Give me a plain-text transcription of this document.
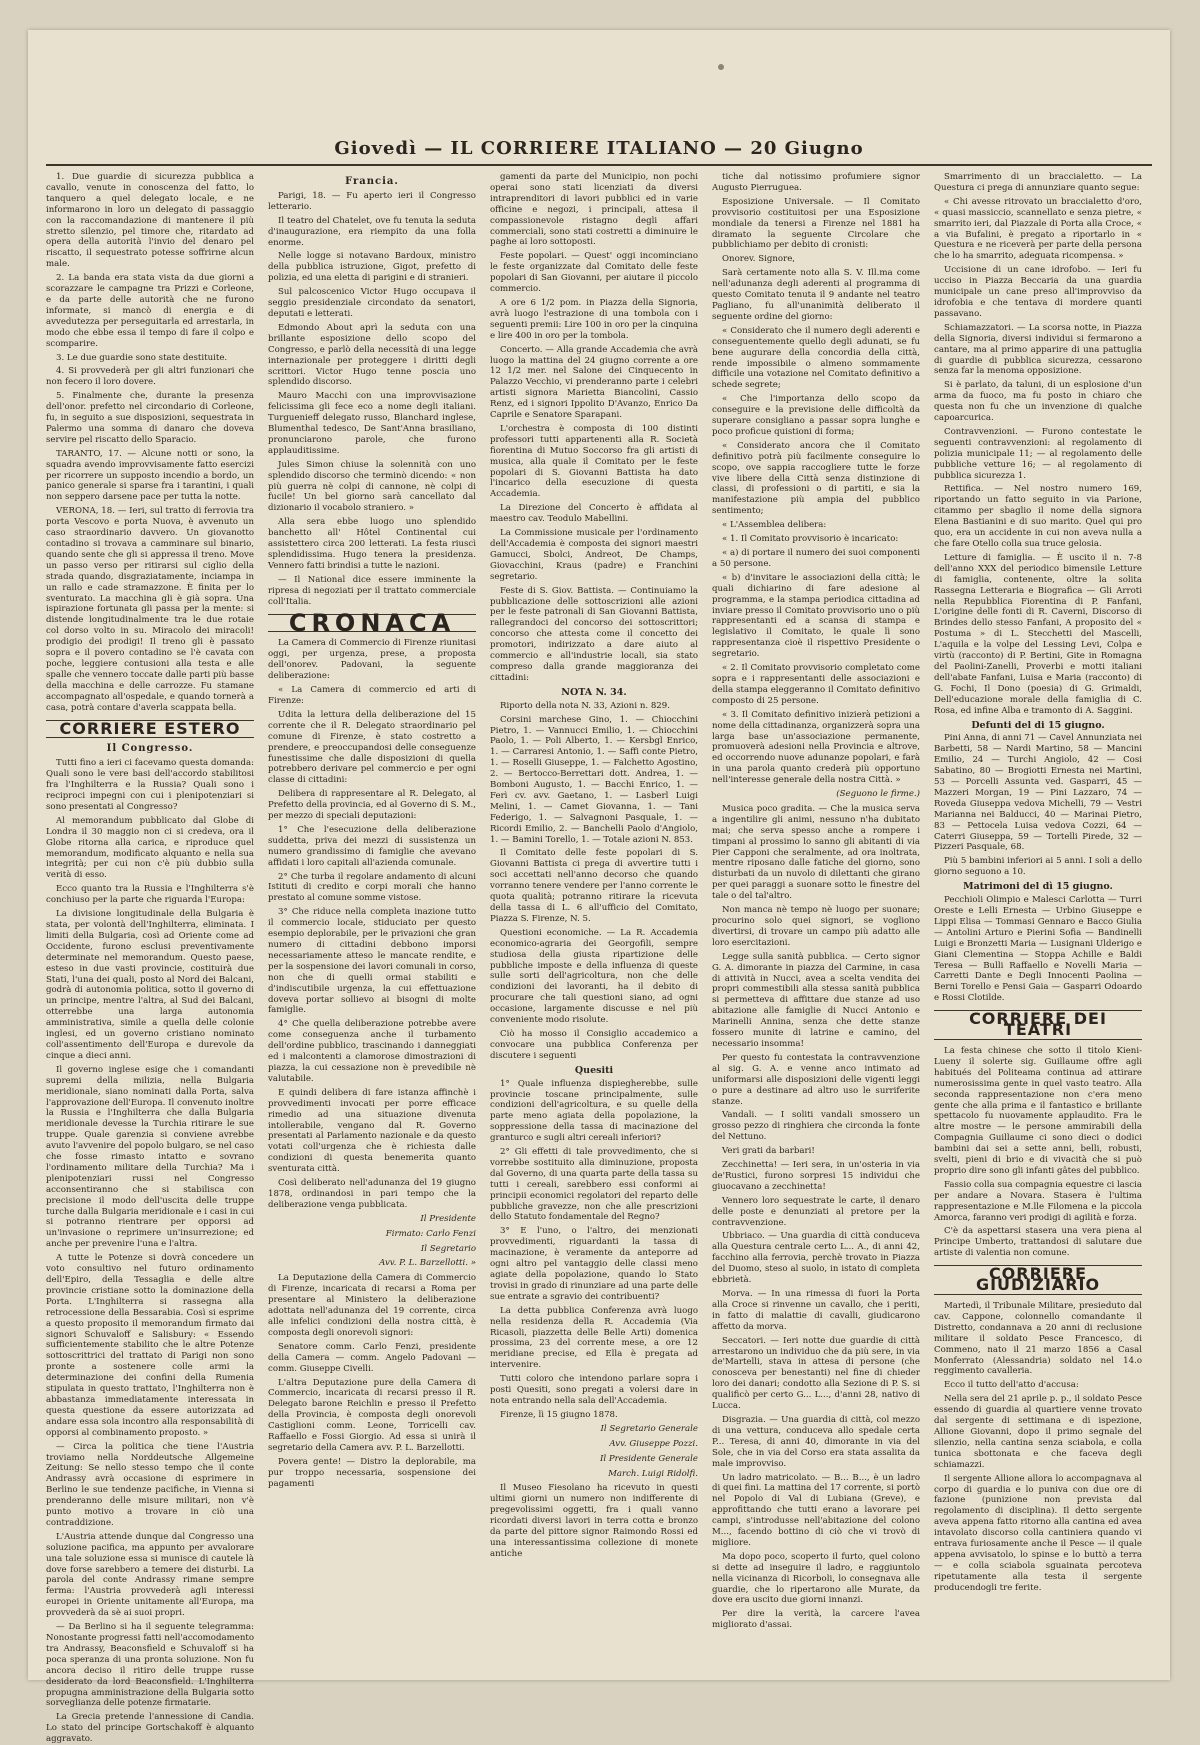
Giovedì — IL CORRIERE ITALIANO — 20 Giugno

1. Due guardie di sicurezza pubblica a cavallo, venute in conoscenza del fatto, lo tanquero a quel delegato locale, e ne informarono in loro un delegato di passaggio con la raccomandazione di mantenere il più stretto silenzio, pel timore che, ritardato ad opera della autorità l'invio del denaro pel riscatto, il sequestrato potesse soffrirne alcun male.

2. La banda era stata vista da due giorni a scorazzare le campagne tra Prizzi e Corleone, e da parte delle autorità che ne furono informate, si mancò di energia e di avvedutezza per perseguitarla ed arrestarla, in modo che ebbe essa il tempo di fare il colpo e scomparire.

3. Le due guardie sono state destituite.

4. Si provvederà per gli altri funzionari che non fecero il loro dovere.

5. Finalmente che, durante la presenza dell'onor. prefetto nel circondario di Corleone, fu, in seguito a sue disposizioni, sequestrata in Palermo una somma di danaro che doveva servire pel riscatto dello Sparacio.

TARANTO, 17. — Alcune notti or sono, la squadra avendo improvvisamente fatto esercizi per ricorrere un supposto incendio a bordo, un panico generale si sparse fra i tarantini, i quali non seppero darsene pace per tutta la notte.

VERONA, 18. — Ieri, sul tratto di ferrovia tra porta Vescovo e porta Nuova, è avvenuto un caso straordinario davvero. Un giovanotto contadino si trovava a camminare sul binario, quando sente che gli si appressa il treno. Move un passo verso per ritirarsi sul ciglio della strada quando, disgraziatamente, inciampa in un rallo e cade stramazzone. È finita per lo sventurato. La macchina gli è già sopra. Una ispirazione fortunata gli passa per la mente: si distende longitudinalmente tra le due rotaie col dorso volto in su. Miracolo dei miracoli! prodigio dei prodigi! Il treno gli è passato sopra e il povero contadino se l'è cavata con poche, leggiere contusioni alla testa e alle spalle che vennero toccate dalle parti più basse della macchina e delle carrozze. Fu stamane accompagnato all'ospedale, e quando tornerà a casa, potrà contare d'averla scappata bella.

CORRIERE ESTERO
Il Congresso.

Tutti fino a ieri ci facevamo questa domanda: Quali sono le vere basi dell'accordo stabilitosi fra l'Inghilterra e la Russia? Quali sono i reciproci impegni con cui i plenipotenziari si sono presentati al Congresso?

Al memorandum pubblicato dal Globe di Londra il 30 maggio non ci si credeva, ora il Globe ritorna alla carica, e riproduce quel memorandum, modificato alquanto e nella sua integrità; per cui non c'è più dubbio sulla verità di esso.

Ecco quanto tra la Russia e l'Inghilterra s'è conchiuso per la parte che riguarda l'Europa:

La divisione longitudinale della Bulgaria è stata, per volontà dell'Inghilterra, eliminata. I limiti della Bulgaria, così ad Oriente come ad Occidente, furono esclusi preventivamente determinate nel memorandum. Questo paese, esteso in due vasti provincie, costituirà due Stati, l'una dei quali, posto al Nord dei Balcani, godrà di autonomia politica, sotto il governo di un principe, mentre l'altra, al Sud dei Balcani, otterrebbe una larga autonomia amministrativa, simile a quella delle colonie inglesi, ed un governo cristiano nominato coll'assentimento dell'Europa e durevole da cinque a dieci anni.

Il governo inglese esige che i comandanti supremi della milizia, nella Bulgaria meridionale, siano nominati dalla Porta, salva l'approvazione dell'Europa. Il convenuto inoltre la Russia e l'Inghilterra che dalla Bulgaria meridionale devesse la Turchia ritirare le sue truppe. Quale garenzia si conviene avrebbe avuto l'avvenire del popolo bulgaro, se nel caso che fosse rimasto intatto e sovrano l'ordinamento militare della Turchia? Ma i plenipotenziari russi nel Congresso acconsentiranno che si stabilisca con precisione il modo dell'uscita delle truppe turche dalla Bulgaria meridionale e i casi in cui si potranno rientrare per opporsi ad un'invasione o reprimere un'insurrezione; ed anche per prevenire l'una e l'altra.

A tutte le Potenze si dovrà concedere un voto consultivo nel futuro ordinamento dell'Epiro, della Tessaglia e delle altre provincie cristiane sotto la dominazione della Porta. L'Inghilterra si rassegna alla retrocessione della Bessarabia. Così si esprime a questo proposito il memorandum firmato dai signori Schuvaloff e Salisbury: « Essendo sufficientemente stabilito che le altre Potenze sottoscrittrici del trattato di Parigi non sono pronte a sostenere colle armi la determinazione dei confini della Rumenia stipulata in questo trattato, l'Inghilterra non è abbastanza immediatamente interessata in questa questione da essere autorizzata ad andare essa sola incontro alla responsabilità di opporsi al combinamento proposto. »

— Circa la politica che tiene l'Austria troviamo nella Norddeutsche Allgemeine Zeitung: Se nello stesso tempo che il conte Andrassy avrà occasione di esprimere in Berlino le sue tendenze pacifiche, in Vienna si prenderanno delle misure militari, non v'è punto motivo a trovare in ciò una contraddizione.

L'Austria attende dunque dal Congresso una soluzione pacifica, ma appunto per avvalorare una tale soluzione essa si munisce di cautele là dove forse sarebbero a temere dei disturbi. La parola del conte Andrassy rimane sempre ferma: l'Austria provvederà agli interessi europei in Oriente unitamente all'Europa, ma provvederà da sè ai suoi propri.

— Da Berlino si ha il seguente telegramma: Nonostante progressi fatti nell'accomodamento tra Andrassy, Beaconsfield e Schuvaloff si ha poca speranza di una pronta soluzione. Non fu ancora deciso il ritiro delle truppe russe desiderato da lord Beaconsfield. L'Inghilterra propugna amministrazione della Bulgaria sotto sorveglianza delle potenze firmatarie.

La Grecia pretende l'annessione di Candia. Lo stato del principe Gortschakoff è alquanto aggravato.

Francia.

Parigi, 18. — Fu aperto ieri il Congresso letterario.

Il teatro del Chatelet, ove fu tenuta la seduta d'inaugurazione, era riempito da una folla enorme.

Nelle logge si notavano Bardoux, ministro della pubblica istruzione, Gigot, prefetto di polizia, ed una eletta di parigini e di stranieri.

Sul palcoscenico Victor Hugo occupava il seggio presidenziale circondato da senatori, deputati e letterati.

Edmondo About aprì la seduta con una brillante esposizione dello scopo del Congresso, e parlò della necessità di una legge internazionale per proteggere i diritti degli scrittori. Victor Hugo tenne poscia uno splendido discorso.

Mauro Macchi con una improvvisazione felicissima gli fece eco a nome degli italiani. Turguenieff delegato russo, Blanchard inglese, Blumenthal tedesco, De Sant'Anna brasiliano, pronunciarono parole, che furono applauditissime.

Jules Simon chiuse la solennità con uno splendido discorso che terminò dicendo: « non più guerra nè colpi di cannone, nè colpi di fucile! Un bel giorno sarà cancellato dal dizionario il vocabolo straniero. »

Alla sera ebbe luogo uno splendido banchetto all' Hôtel Continental cui assistettero circa 200 letterati. La festa riuscì splendidissima. Hugo tenera la presidenza. Vennero fatti brindisi a tutte le nazioni.

— Il National dice essere imminente la ripresa di negoziati per il trattato commerciale coll'Italia.

CRONACA

La Camera di Commercio di Firenze riunitasi oggi, per urgenza, prese, a proposta dell'onorev. Padovani, la seguente deliberazione:

« La Camera di commercio ed arti di Firenze:

Udita la lettura della deliberazione del 15 corrente che il R. Delegato straordinario pel comune di Firenze, è stato costretto a prendere, e preoccupandosi delle conseguenze funestissime che dalle disposizioni di quella potrebbero derivare pel commercio e per ogni classe di cittadini:

Delibera di rappresentare al R. Delegato, al Prefetto della provincia, ed al Governo di S. M., per mezzo di speciali deputazioni:

1° Che l'esecuzione della deliberazione suddetta, priva dei mezzi di sussistenza un numero grandissimo di famiglie che avevano affidati i loro capitali all'azienda comunale.

2° Che turba il regolare andamento di alcuni Istituti di credito e corpi morali che hanno prestato al comune somme vistose.

3° Che riduce nella completa inazione tutto il commercio locale, stiduciato per questo esempio deplorabile, per le privazioni che gran numero di cittadini debbono imporsi necessariamente atteso le mancate rendite, e per la sospensione dei lavori comunali in corso, non che di quelli ormai stabiliti e d'indiscutibile urgenza, la cui effettuazione doveva portar sollievo ai bisogni di molte famiglie.

4° Che quella deliberazione potrebbe avere come conseguenza anche il turbamento dell'ordine pubblico, trascinando i danneggiati ed i malcontenti a clamorose dimostrazioni di piazza, la cui cessazione non è prevedibile nè valutabile.

E quindi delibera di fare istanza affinchè i provvedimenti invocati per porre efficace rimedio ad una situazione divenuta intollerabile, vengano dal R. Governo presentati al Parlamento nazionale e da questo votati coll'urgenza che è richiesta dalle condizioni di questa benemerita quanto sventurata città.

Così deliberato nell'adunanza del 19 giugno 1878, ordinandosi in pari tempo che la deliberazione venga pubblicata.

Il Presidente
Firmato: Carlo Fenzi
Il Segretario
Avv. P. L. Barzellotti. »

La Deputazione della Camera di Commercio di Firenze, incaricata di recarsi a Roma per presentare al Ministero la deliberazione adottata nell'adunanza del 19 corrente, circa alle infelici condizioni della nostra città, è composta degli onorevoli signori:

Senatore comm. Carlo Fenzi, presidente della Camera — comm. Angelo Padovani — comm. Giuseppe Civelli.

L'altra Deputazione pure della Camera di Commercio, incaricata di recarsi presso il R. Delegato barone Reichlin e presso il Prefetto della Provincia, è composta degli onorevoli Castiglioni comm. Leone, Torricelli cav. Raffaello e Fossi Giorgio. Ad essa si unirà il segretario della Camera avv. P. L. Barzellotti.

Povera gente! — Distro la deplorabile, ma pur troppo necessaria, sospensione dei pagamenti

gamenti da parte del Municipio, non pochi operai sono stati licenziati da diversi intraprenditori di lavori pubblici ed in varie officine e negozi, i principali, attesa il compassionevole ristagno degli affari commerciali, sono stati costretti a diminuire le paghe ai loro sottoposti.

Feste popolari. — Quest' oggi incominciano le feste organizzate dal Comitato delle feste popolari di San Giovanni, per aiutare il piccolo commercio.

A ore 6 1/2 pom. in Piazza della Signoria, avrà luogo l'estrazione di una tombola con i seguenti premii: Lire 100 in oro per la cinquina e lire 400 in oro per la tombola.

Concerto. — Alla grande Accademia che avrà luogo la mattina del 24 giugno corrente a ore 12 1/2 mer. nel Salone dei Cinquecento in Palazzo Vecchio, vi prenderanno parte i celebri artisti signora Marietta Biancolini, Cassio Renz, ed i signori Ippolito D'Avanzo, Enrico Da Caprile e Senatore Sparapani.

L'orchestra è composta di 100 distinti professori tutti appartenenti alla R. Società fiorentina di Mutuo Soccorso fra gli artisti di musica, alla quale il Comitato per le feste popolari di S. Giovanni Battista ha dato l'incarico della esecuzione di questa Accademia.

La Direzione del Concerto è affidata al maestro cav. Teodulo Mabellini.

La Commissione musicale per l'ordinamento dell'Accademia è composta dei signori maestri Gamucci, Sbolci, Andreot, De Champs, Giovacchini, Kraus (padre) e Franchini segretario.

Feste di S. Giov. Battista. — Continuiamo la pubblicazione delle sottoscrizioni alle azioni per le feste patronali di San Giovanni Battista, rallegrandoci del concorso dei sottoscrittori; concorso che attesta come il concetto dei promotori, indirizzato a dare aiuto al commercio e all'industrie locali, sia stato compreso dalla grande maggioranza dei cittadini:

NOTA N. 34.

Riporto della nota N. 33, Azioni n. 829.

Corsini marchese Gino, 1. — Chiocchini Pietro, 1. — Vannucci Emilio, 1. — Chiocchini Paolo, 1. — Poli Alberto, 1. — Kersbgl Enrico, 1. — Carraresi Antonio, 1. — Saffi conte Pietro, 1. — Roselli Giuseppe, 1. — Falchetto Agostino, 2. — Bertocco-Berrettari dott. Andrea, 1. — Bomboni Augusto, 1. — Bacchi Enrico, 1. — Ferì cv. avv. Gaetano, 1. — Lasberl Luigi Melini, 1. — Camet Giovanna, 1. — Tani Federigo, 1. — Salvagnoni Pasquale, 1. — Ricordi Emilio, 2. — Banchelli Paolo d'Angiolo, 1. — Bamini Torello, 1. — Totale azioni N. 853.

Il Comitato delle feste popolari di S. Giovanni Battista ci prega di avvertire tutti i soci accettati nell'anno decorso che quando vorranno tenere vendere per l'anno corrente le quota qualità; potranno ritirare la ricevuta della tassa di L. 6 all'ufficio del Comitato, Piazza S. Firenze, N. 5.

Questioni economiche. — La R. Accademia economico-agraria dei Georgofili, sempre studiosa della giusta ripartizione delle pubbliche imposte e della influenza di queste sulle sorti dell'agricoltura, non che delle condizioni dei lavoranti, ha il debito di procurare che tali questioni siano, ad ogni occasione, largamente discusse e nel più conveniente modo risolute.

Ciò ha mosso il Consiglio accademico a convocare una pubblica Conferenza per discutere i seguenti

Quesiti

1° Quale influenza dispiegherebbe, sulle provincie toscane principalmente, sulle condizioni dell'agricoltura, e su quelle della parte meno agiata della popolazione, la soppressione della tassa di macinazione del granturco e sugli altri cereali inferiori?

2° Gli effetti di tale provvedimento, che si vorrebbe sostituito alla diminuzione, proposta dal Governo, di una quarta parte della tassa su tutti i cereali, sarebbero essi conformi ai principii economici regolatori del reparto delle pubbliche gravezze, non che alle prescrizioni dello Statuto fondamentale del Regno?

3° E l'uno, o l'altro, dei menzionati provvedimenti, riguardanti la tassa di macinazione, è veramente da anteporre ad ogni altro pel vantaggio delle classi meno agiate della popolazione, quando lo Stato trovisi in grado di rinunziare ad una parte delle sue entrate a sgravio dei contribuenti?

La detta pubblica Conferenza avrà luogo nella residenza della R. Accademia (Via Ricasoli, piazzetta delle Belle Arti) domenica prossima, 23 del corrente mese, a ore 12 meridiane precise, ed Ella è pregata ad intervenire.

Tutti coloro che intendono parlare sopra i posti Quesiti, sono pregati a volersi dare in nota entrando nella sala dell'Accademia.

Firenze, lì 15 giugno 1878.

Il Segretario Generale
Avv. Giuseppe Pozzi.
Il Presidente Generale
March. Luigi Ridolfi.

Il Museo Fiesolano ha ricevuto in questi ultimi giorni un numero non indifferente di pregevolissimi oggetti, fra i quali vanno ricordati diversi lavori in terra cotta e bronzo da parte del pittore signor Raimondo Rossi ed una interessantissima collezione di monete antiche

tiche dal notissimo profumiere signor Augusto Pierruguea.

Esposizione Universale. — Il Comitato provvisorio costituitosi per una Esposizione mondiale da tenersi a Firenze nel 1881 ha diramato la seguente Circolare che pubblichiamo per debito di cronisti:

Onorev. Signore,

Sarà certamente noto alla S. V. Ill.ma come nell'adunanza degli aderenti al programma di questo Comitato tenuta il 9 andante nel teatro Pagliano, fu all'unanimità deliberato il seguente ordine del giorno:

« Considerato che il numero degli aderenti e conseguentemente quello degli adunati, se fu bene augurare della concordia della città, rende impossibile o almeno sommamente difficile una votazione nel Comitato definitivo a schede segrete;

« Che l'importanza dello scopo da conseguire e la previsione delle difficoltà da superare consigliano a passar sopra lunghe e poco proficue quistioni di forma;

« Considerato ancora che il Comitato definitivo potrà più facilmente conseguire lo scopo, ove sappia raccogliere tutte le forze vive libere della Città senza distinzione di classi, di professioni o di partiti, e sia la manifestazione più ampia del pubblico sentimento;

« L'Assemblea delibera:

« 1. Il Comitato provvisorio è incaricato:

« a) di portare il numero dei suoi componenti a 50 persone.

« b) d'invitare le associazioni della città; le quali dichiarino di fare adesione al programma, e la stampa periodica cittadina ad inviare presso il Comitato provvisorio uno o più rappresentanti ed a scansa di stampa e legislativo il Comitato, le quale lì sono rappresentanza cioè il rispettivo Presidente o segretario.

« 2. Il Comitato provvisorio completato come sopra e i rappresentanti delle associazioni e della stampa eleggeranno il Comitato definitivo composto di 25 persone.

« 3. Il Comitato definitivo inizierà petizioni a nome della cittadinanza, organizzerà sopra una larga base un'associazione permanente, promuoverà adesioni nella Provincia e altrove, ed occorrendo nuove adunanze popolari, e farà in una parola quanto crederà più opportuno nell'interesse generale della nostra Città. »

(Seguono le firme.)

Musica poco gradita. — Che la musica serva a ingentilire gli animi, nessuno n'ha dubitato mai; che serva spesso anche a rompere i timpani al prossimo lo sanno gli abitanti di via Pier Capponi che seralmente, ad ora inoltrata, mentre riposano dalle fatiche del giorno, sono disturbati da un nuvolo di dilettanti che girano per quei paraggi a suonare sotto le finestre del tale o del tal'altro.

Non manca nè tempo nè luogo per suonare; procurino solo quei signori, se vogliono divertirsi, di trovare un campo più adatto alle loro esercitazioni.

Legge sulla sanità pubblica. — Certo signor G. A. dimorante in piazza del Carmine, in casa di attività in Nucci, avea a scelta vendita dei propri commestibili alla stessa sanità pubblica si permetteva di affittare due stanze ad uso abitazione alle famiglie di Nucci Antonio e Marinelli Annina, senza che dette stanze fossero munite di latrine e camino, del necessario insomma!

Per questo fu contestata la contravvenzione al sig. G. A. e venne anco intimato ad uniformarsi alle disposizioni delle vigenti leggi o pure a destinare ad altro uso le surriferite stanze.

Vandali. — I soliti vandali smossero un grosso pezzo di ringhiera che circonda la fonte del Nettuno.

Veri grati da barbari!

Zecchinetta! — Ieri sera, in un'osteria in via de'Rustici, furono sorpresi 15 individui che giuocavano a zecchinetta!

Vennero loro sequestrate le carte, il denaro delle poste e denunziati al pretore per la contravvenzione.

Ubbriaco. — Una guardia di città conduceva alla Questura centrale certo L... A., di anni 42, facchino alla ferrovia, perchè trovato in Piazza del Duomo, steso al suolo, in istato di completa ebbrietà.

Morva. — In una rimessa di fuori la Porta alla Croce si rinvenne un cavallo, che i periti, in fatto di malattie di cavalli, giudicarono affetto da morva.

Seccatori. — Ieri notte due guardie di città arrestarono un individuo che da più sere, in via de'Martelli, stava in attesa di persone (che conosceva per benestanti) nel fine di chieder loro dei danari; condotto alla Sezione di P. S. si qualificò per certo G... L..., d'anni 28, nativo di Lucca.

Disgrazia. — Una guardia di città, col mezzo di una vettura, conduceva allo spedale certa P... Teresa, di anni 40, dimorante in via del Sole, che in via del Corso era stata assalita da male improvviso.

Un ladro matricolato. — B... B..., è un ladro di quei fini. La mattina del 17 corrente, si portò nel Popolo di Val di Lubiana (Greve), e approfittando che tutti erano a lavorare pei campi, s'introdusse nell'abitazione del colono M..., facendo bottino di ciò che vi trovò di migliore.

Ma dopo poco, scoperto il furto, quel colono si dette ad inseguire il ladro, e raggiuntolo nella vicinanza di Ricorboli, lo consegnava alle guardie, che lo ripertarono alle Murate, da dove era uscito due giorni innanzi.

Per dire la verità, la carcere l'avea migliorato d'assai.

Smarrimento di un braccialetto. — La Questura ci prega di annunziare quanto segue:

« Chi avesse ritrovato un braccialetto d'oro, « quasi massiccio, scannellato e senza pietre, « smarrito ieri, dal Piazzale di Porta alla Croce, « a via Bufalini, è pregato a riportarlo in « Questura e ne riceverà per parte della persona che lo ha smarrito, adeguata ricompensa. »

Uccisione di un cane idrofobo. — Ieri fu ucciso in Piazza Beccaria da una guardia municipale un cane preso all'improvviso da idrofobia e che tentava di mordere quanti passavano.

Schiamazzatori. — La scorsa notte, in Piazza della Signoria, diversi individui si fermarono a cantare, ma al primo apparire di una pattuglia di guardie di pubblica sicurezza, cessarono senza far la menoma opposizione.

Si è parlato, da taluni, di un esplosione d'un arma da fuoco, ma fu posto in chiaro che questa non fu che un invenzione di qualche capoarcurica.

Contravvenzioni. — Furono contestate le seguenti contravvenzioni: al regolamento di polizia municipale 11; — al regolamento delle pubbliche vetture 16; — al regolamento di pubblica sicurezza 1.

Rettifica. — Nel nostro numero 169, riportando un fatto seguito in via Parione, citammo per sbaglio il nome della signora Elena Bastianini e di suo marito. Quel qui pro quo, era un accidente in cui non aveva nulla a che fare Otello colla sua truce gelosia.

Letture di famiglia. — È uscito il n. 7-8 dell'anno XXX del periodico bimensile Letture di famiglia, contenente, oltre la solita Rassegna Letteraria e Biografica — Gli Arroti nella Repubblica Fiorentina di P. Fanfani, L'origine delle fonti di R. Caverni, Discorso di Brindes dello stesso Fanfani, A proposito del « Postuma » di L. Stecchetti del Mascelli, L'aquila e la volpe del Lessing Levi, Colpa e virtù (racconto) di P. Bertini, Gite in Romagna del Paolini-Zanelli, Proverbi e motti italiani dell'abate Fanfani, Luisa e Maria (racconto) di G. Fochi, Il Dono (poesia) di G. Grimaldi, Dell'educazione morale della famiglia di C. Rosa, ed infine Alba e tramonto di A. Saggini.

Defunti del di 15 giugno.

Pini Anna, di anni 71 — Cavel Annunziata nei Barbetti, 58 — Nardi Martino, 58 — Mancini Emilio, 24 — Turchi Angiolo, 42 — Cosi Sabatino, 80 — Brogiotti Ernesta nei Martini, 53 — Porcelli Assunta ved. Gasparri, 45 — Mazzeri Morgan, 19 — Pini Lazzaro, 74 — Roveda Giuseppa vedova Michelli, 79 — Vestri Marianna nei Balducci, 40 — Marinai Pietro, 83 — Pettocela Luisa vedova Cozzi, 64 — Caterri Giuseppa, 59 — Tortelli Pirede, 32 — Pizzeri Pasquale, 68.

Più 5 bambini inferiori ai 5 anni. I soli a dello giorno seguono a 10.

Matrimoni del dì 15 giugno.

Pecchioli Olimpio e Malesci Carlotta — Turri Oreste e Lelli Ernesta — Urbino Giuseppe e Lippi Elisa — Tommasi Gennaro e Bacco Giulia — Antolini Arturo e Pierini Sofia — Bandinelli Luigi e Bronzetti Maria — Lusignani Ulderigo e Giani Clementina — Stoppa Achille e Baldi Teresa — Bulli Raffaello e Novelli Maria — Carretti Dante e Degli Innocenti Paolina — Berni Torello e Pensi Gaia — Gasparri Odoardo e Rossi Clotilde.

CORRIERE DEI TEATRI

La festa chinese che sotto il titolo Kieni-Lueny il solerte sig. Guillaume offre agli habitués del Politeama continua ad attirare numerosissima gente in quel vasto teatro. Alla seconda rappresentazione non c'era meno gente che alla prima e il fantastico e brillante spettacolo fu nuovamente applaudito. Fra le altre mostre — le persone ammirabili della Compagnia Guillaume ci sono dieci o dodici bambini dai sei a sette anni, belli, robusti, svelti, pieni di brio e di vivacità che si può proprio dire sono gli infanti gâtes del pubblico.

Fassio colla sua compagnia equestre ci lascia per andare a Novara. Stasera è l'ultima rappresentazione e M.lle Filomena e la piccola Amorca, faranno veri prodigi di agilità e forza.

C'è da aspettarsi stasera una vera piena al Principe Umberto, trattandosi di salutare due artiste di valentia non comune.

CORRIERE GIUDIZIARIO

Martedì, il Tribunale Militare, presieduto dal cav. Cappone, colonnello comandante il Distretto, condannava a 20 anni di reclusione militare il soldato Pesce Francesco, di Commeno, nato il 21 marzo 1856 a Casal Monferrato (Alessandria) soldato nel 14.o reggimento cavalleria.

Ecco il tutto dell'atto d'accusa:

Nella sera del 21 aprile p. p., il soldato Pesce essendo di guardia al quartiere venne trovato dal sergente di settimana e di ispezione, Allione Giovanni, dopo il primo segnale del silenzio, nella cantina senza sciabola, e colla tunica sbottonata e che faceva degli schiamazzi.

Il sergente Allione allora lo accompagnava al corpo di guardia e lo puniva con due ore di fazione (punizione non prevista dal regolamento di disciplina). Il detto sergente aveva appena fatto ritorno alla cantina ed avea intavolato discorso colla cantiniera quando vi entrava furiosamente anche il Pesce — il quale appena avvisatolo, lo spinse e lo buttò a terra — e colla sciabola sguainata percoteva ripetutamente alla testa il sergente producendogli tre ferite.
